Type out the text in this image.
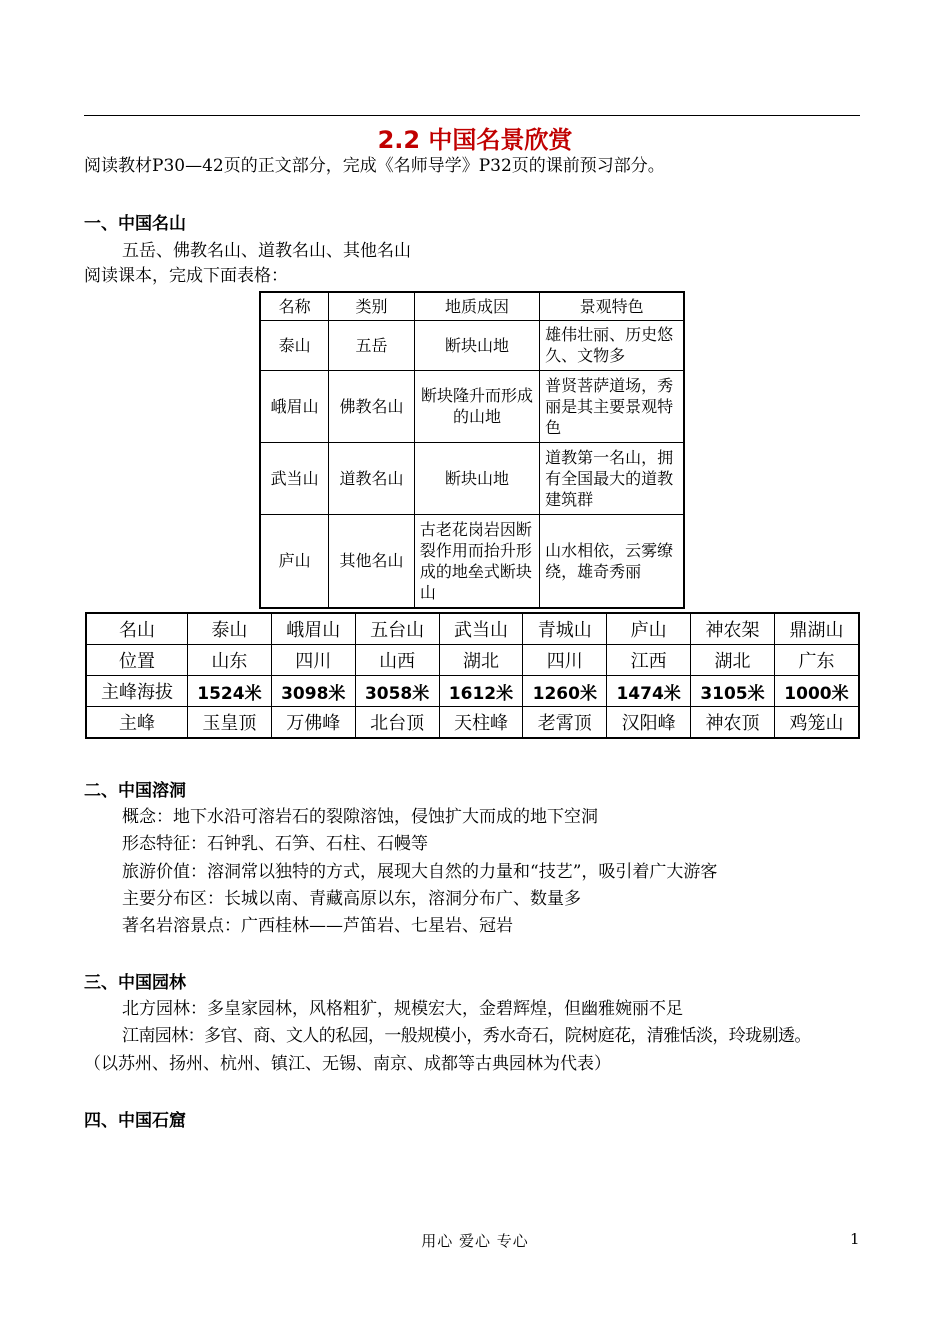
2.2 中国名景欣赏
阅读教材P30—42页的正文部分，完成《名师导学》P32页的课前预习部分。
一、中国名山
五岳、佛教名山、道教名山、其他名山
阅读课本，完成下面表格：
名称	类别	地质成因	景观特色
泰山	五岳	断块山地	雄伟壮丽、历史悠久、文物多
峨眉山	佛教名山	断块隆升而形成的山地	普贤菩萨道场，秀丽是其主要景观特色
武当山	道教名山	断块山地	道教第一名山，拥有全国最大的道教建筑群
庐山	其他名山	古老花岗岩因断裂作用而抬升形成的地垒式断块山	山水相依，云雾缭绕，雄奇秀丽
名山	泰山	峨眉山	五台山	武当山	青城山	庐山	神农架	鼎湖山
位置	山东	四川	山西	湖北	四川	江西	湖北	广东
主峰海拔	1524米	3098米	3058米	1612米	1260米	1474米	3105米	1000米
主峰	玉皇顶	万佛峰	北台顶	天柱峰	老霄顶	汉阳峰	神农顶	鸡笼山
二、中国溶洞
概念：地下水沿可溶岩石的裂隙溶蚀，侵蚀扩大而成的地下空洞
形态特征：石钟乳、石笋、石柱、石幔等
旅游价值：溶洞常以独特的方式，展现大自然的力量和“技艺”，吸引着广大游客
主要分布区：长城以南、青藏高原以东，溶洞分布广、数量多
著名岩溶景点：广西桂林——芦笛岩、七星岩、冠岩
三、中国园林
北方园林：多皇家园林，风格粗犷，规模宏大，金碧辉煌，但幽雅婉丽不足
江南园林：多官、商、文人的私园，一般规模小，秀水奇石，院树庭花，清雅恬淡，玲珑剔透。
（以苏州、扬州、杭州、镇江、无锡、南京、成都等古典园林为代表）
四、中国石窟
用心 爱心 专心	1
